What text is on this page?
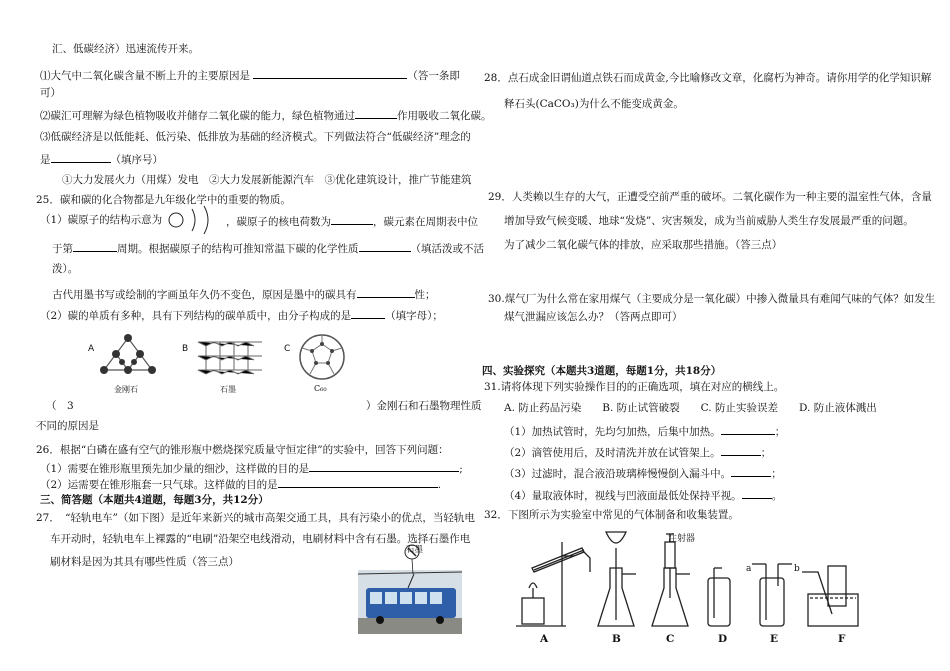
汇、低碳经济）迅速流传开来。
⑴大气中二氧化碳含量不断上升的主要原因是	（答一条即
可）
⑵碳汇可理解为绿色植物吸收并储存二氧化碳的能力，绿色植物通过	作用吸收二氧化碳。
⑶低碳经济是以低能耗、低污染、低排放为基础的经济模式。下列做法符合“低碳经济”理念的
是	（填序号）
①大力发展火力（用煤）发电　②大力发展新能源汽车　③优化建筑设计，推广节能建筑
25．碳和碳的化合物都是九年级化学中的重要的物质。
（1）碳原子的结构示意为	，碳原子的核电荷数为	，碳元素在周期表中位
于第	周期。根据碳原子的结构可推知常温下碳的化学性质	（填活泼或不活
泼）。
古代用墨书写或绘制的字画虽年久仍不变色，原因是墨中的碳具有	性；
（2）碳的单质有多种，具有下列结构的碳单质中，由分子构成的是	（填字母）；
A
金刚石
B
石墨
C
C₆₀
（　3	）金刚石和石墨物理性质
不同的原因是
26．根据“白磷在盛有空气的锥形瓶中燃烧探究质量守恒定律”的实验中，回答下列问题：
（1）需要在锥形瓶里预先加少量的细沙，这样做的目的是	;
（2）运需要在锥形瓶套一只气球。这样做的目的是	.
三、简答题（本题共4道题，每题3分，共12分）
27．　“轻轨电车”（如下图）是近年来新兴的城市高架交通工具，具有污染小的优点，当轻轨电
车开动时，轻轨电车上裸露的“电刷”沿架空电线滑动，电刷材料中含有石墨。选择石墨作电
刷材料是因为其具有哪些性质（答三点）
石墨
28．点石成金旧谓仙道点铁石而成黄金,今比喻修改文章，化腐朽为神奇。请你用学的化学知识解
释石头(CaCO₃)为什么不能变成黄金。
29．人类赖以生存的大气，正遭受空前严重的破坏。二氧化碳作为一种主要的温室性气体，含量
增加导致气候变暖、地球“发烧”、灾害频发，成为当前威胁人类生存发展最严重的问题。
为了减少二氧化碳气体的排放，应采取那些措施。（答三点）
30.煤气厂为什么常在家用煤气（主要成分是一氧化碳）中掺入微量具有难闻气味的气体？如发生
煤气泄漏应该怎么办？（答两点即可）
四、实验探究（本题共3道题，每题1分，共18分）
31.请将体现下列实验操作目的的正确选项，填在对应的横线上。
A. 防止药品污染　　B. 防止试管破裂　　C. 防止实验误差　　D. 防止液体溅出
（1）加热试管时，先均匀加热，后集中加热。	；
（2）滴管使用后，及时清洗并放在试管架上。	；
（3）过滤时，混合液沿玻璃棒慢慢倒入漏斗中。	；
（4）量取液体时，视线与凹液面最低处保持平视。	。
32．下图所示为实验室中常见的气体制备和收集装置。
注射器
a	b
A	B	C	D	E	F
